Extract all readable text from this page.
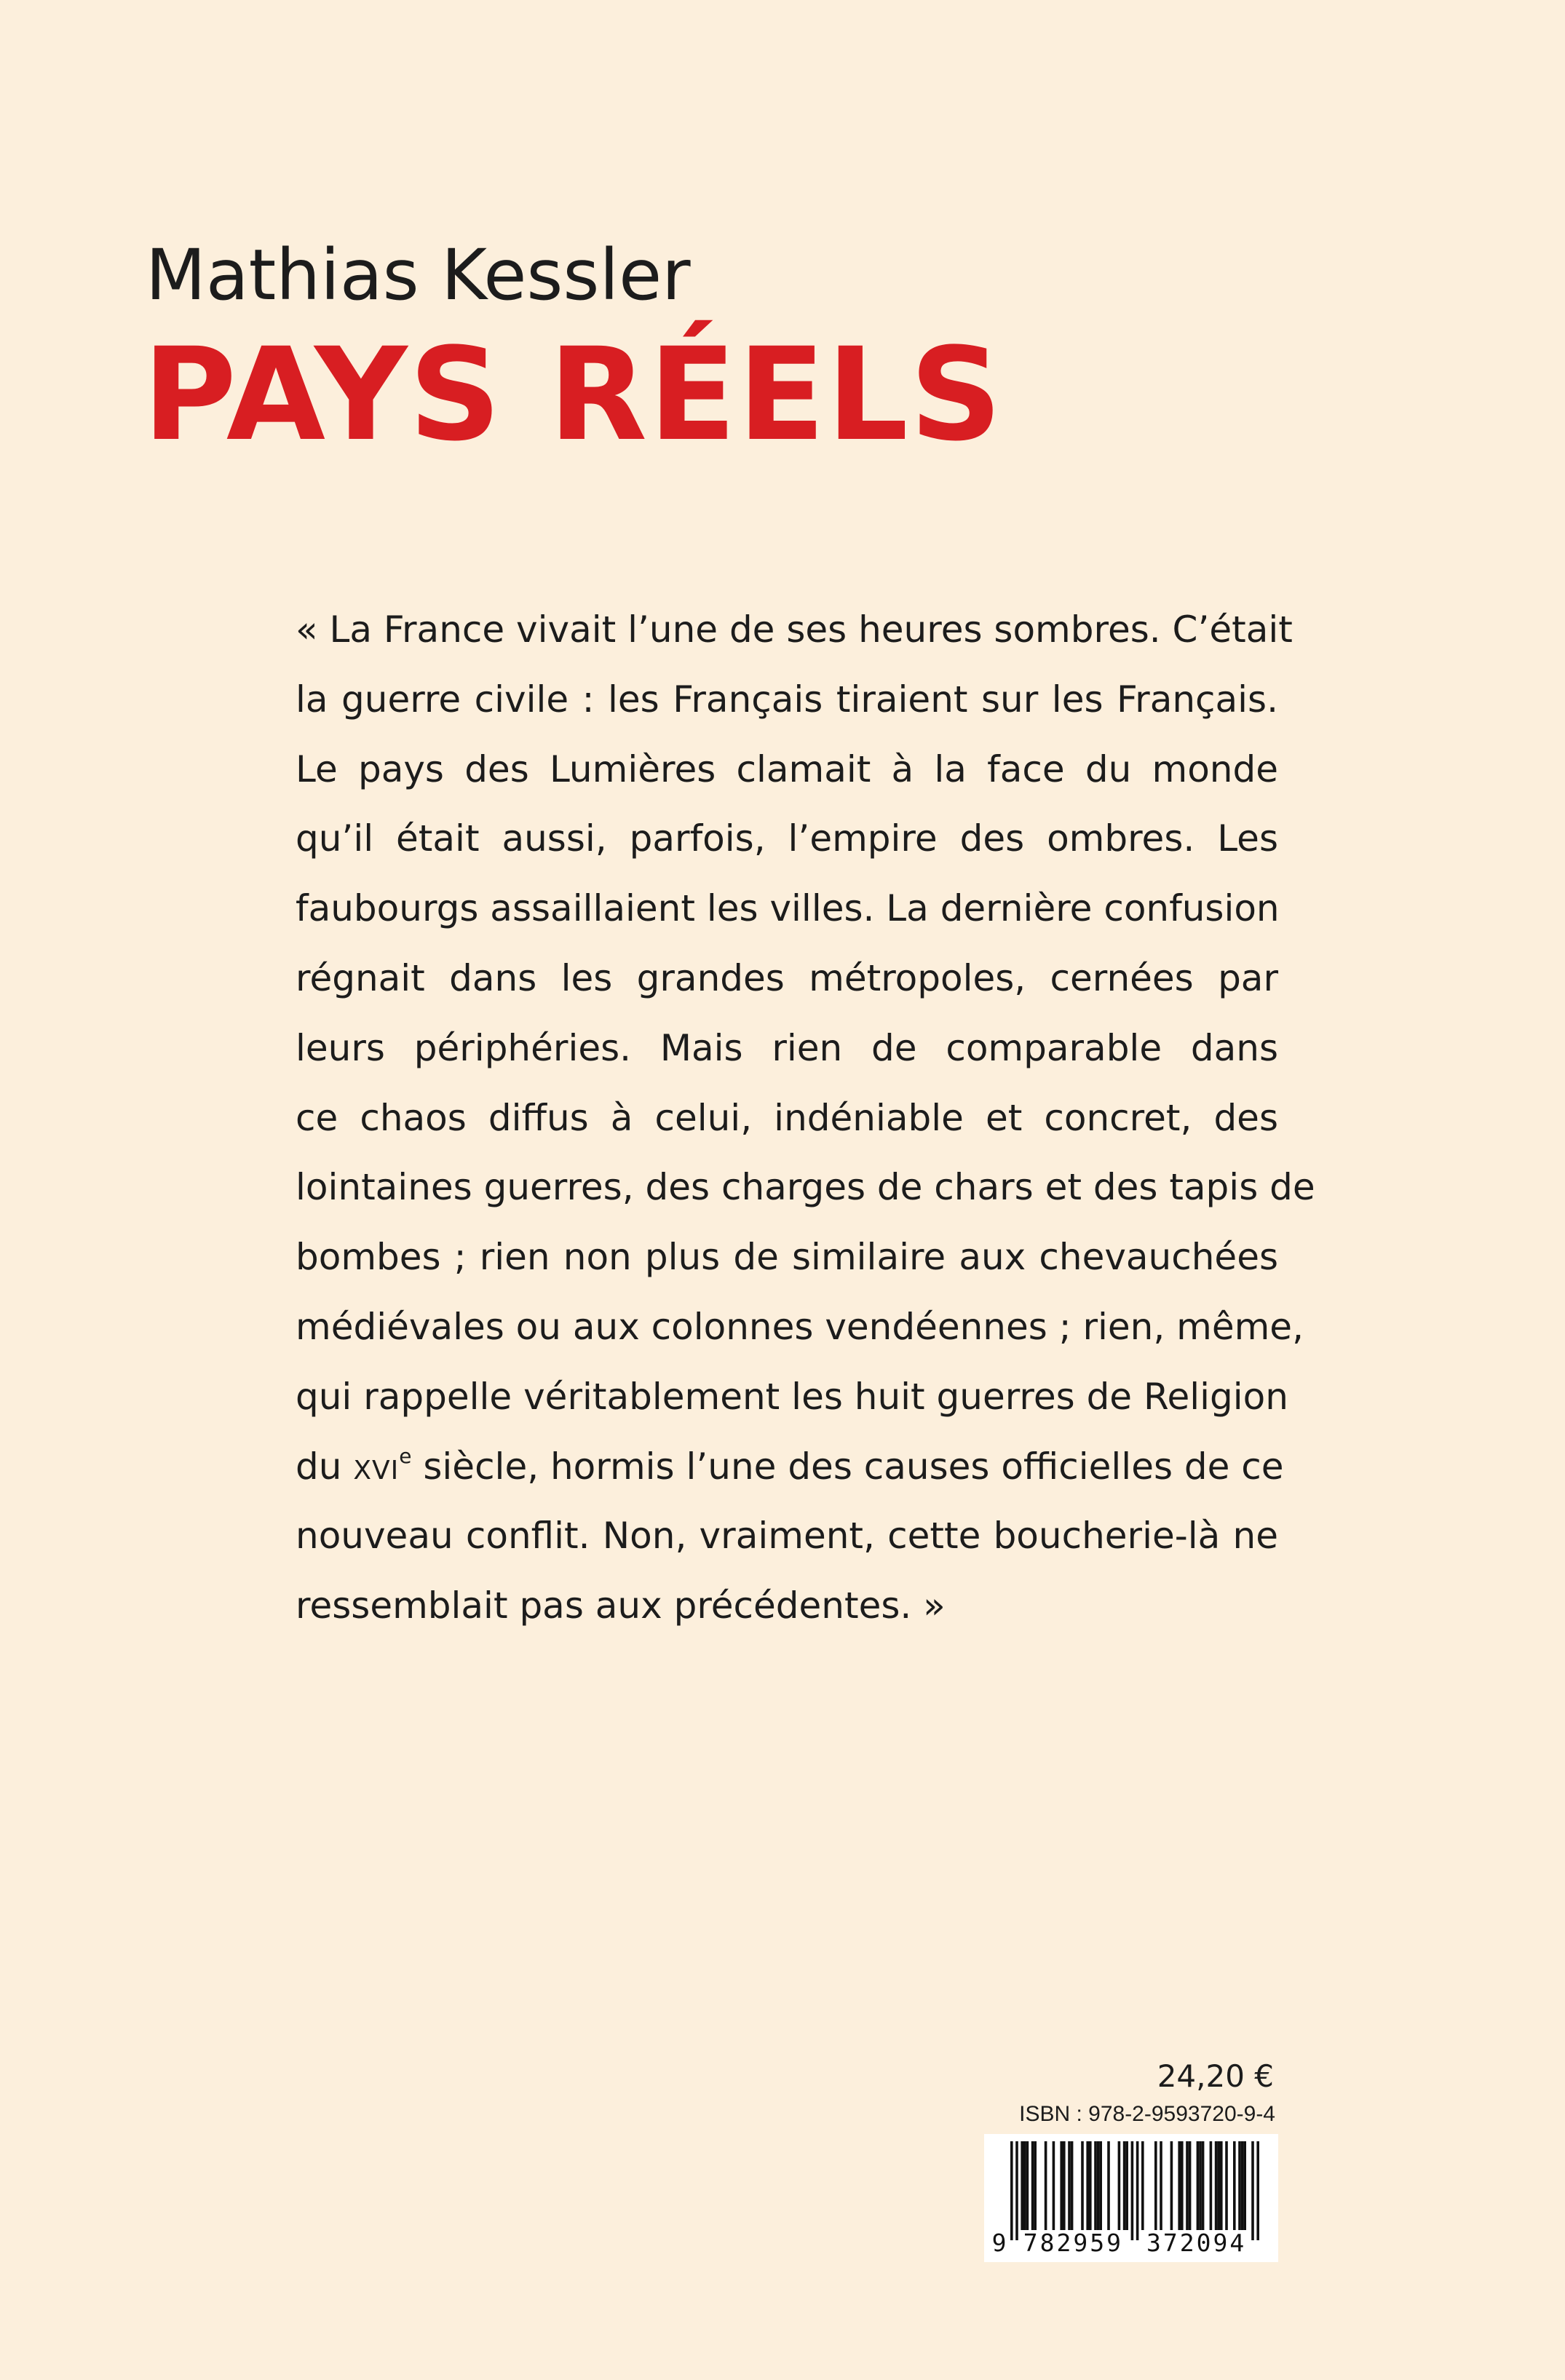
Mathias Kessler
PAYS RÉELS
« La France vivait l’une de ses heures sombres. C’était
la guerre civile : les Français tiraient sur les Français.
Le pays des Lumières clamait à la face du monde
qu’il était aussi, parfois, l’empire des ombres. Les
faubourgs assaillaient les villes. La dernière confusion
régnait dans les grandes métropoles, cernées par
leurs périphéries. Mais rien de comparable dans
ce chaos diffus à celui, indéniable et concret, des
lointaines guerres, des charges de chars et des tapis de
bombes ; rien non plus de similaire aux chevauchées
médiévales ou aux colonnes vendéennes ; rien, même,
qui rappelle véritablement les huit guerres de Religion
du XVIe siècle, hormis l’une des causes officielles de ce
nouveau conflit. Non, vraiment, cette boucherie-là ne
ressemblait pas aux précédentes. »
24,20 €
ISBN : 978-2-9593720-9-4
9 782959 372094
